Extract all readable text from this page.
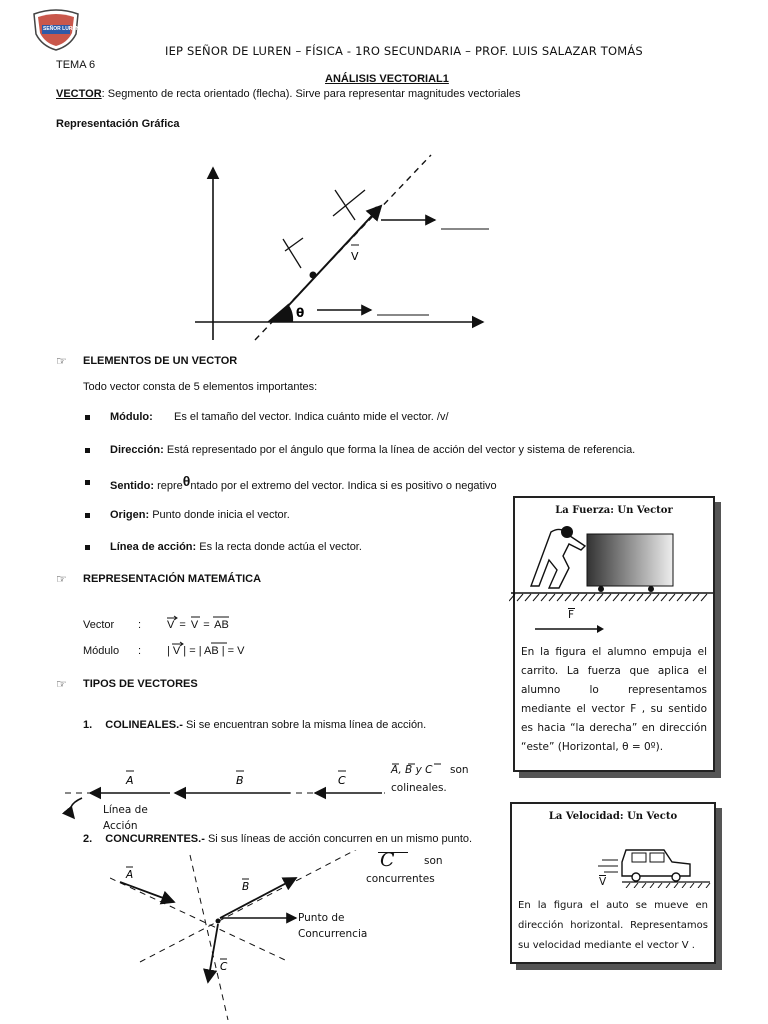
SEÑOR LUREN
IEP SEÑOR DE LUREN – FÍSICA - 1RO SECUNDARIA – PROF. LUIS SALAZAR TOMÁS
TEMA 6
ANÁLISIS VECTORIAL1
VECTOR: Segmento de recta orientado (flecha). Sirve para representar magnitudes vectoriales
Representación Gráfica
V
θ
☞ ELEMENTOS DE UN VECTOR
Todo vector consta de 5 elementos importantes:
Módulo: Es el tamaño del vector. Indica cuánto mide el vector. /v/
Dirección: Está representado por el ángulo que forma la línea de acción del vector y sistema de referencia.
Sentido: repreθntado por el extremo del vector. Indica si es positivo o negativo
Origen: Punto donde inicia el vector.
Línea de acción: Es la recta donde actúa el vector.
☞ REPRESENTACIÓN MATEMÁTICA
Vector : V = V = AB
Módulo : | V | = | AB | = V
☞ TIPOS DE VECTORES
1. COLINEALES.- Si se encuentran sobre la misma línea de acción.
A	B	C
Línea de
Acción
A, B y C son
colineales.
2. CONCURRENTES.- Si sus líneas de acción concurren en un mismo punto.
A
B
C
Punto de
Concurrencia
C	son
concurrentes
La Fuerza: Un Vector
F
En la figura el alumno empuja el carrito. La fuerza que aplica el alumno lo representamos mediante el vector F , su sentido es hacia “la derecha” en dirección “este” (Horizontal, θ = 0º).
La Velocidad: Un Vecto
V
En la figura el auto se mueve en dirección horizontal. Representamos su velocidad mediante el vector V .
